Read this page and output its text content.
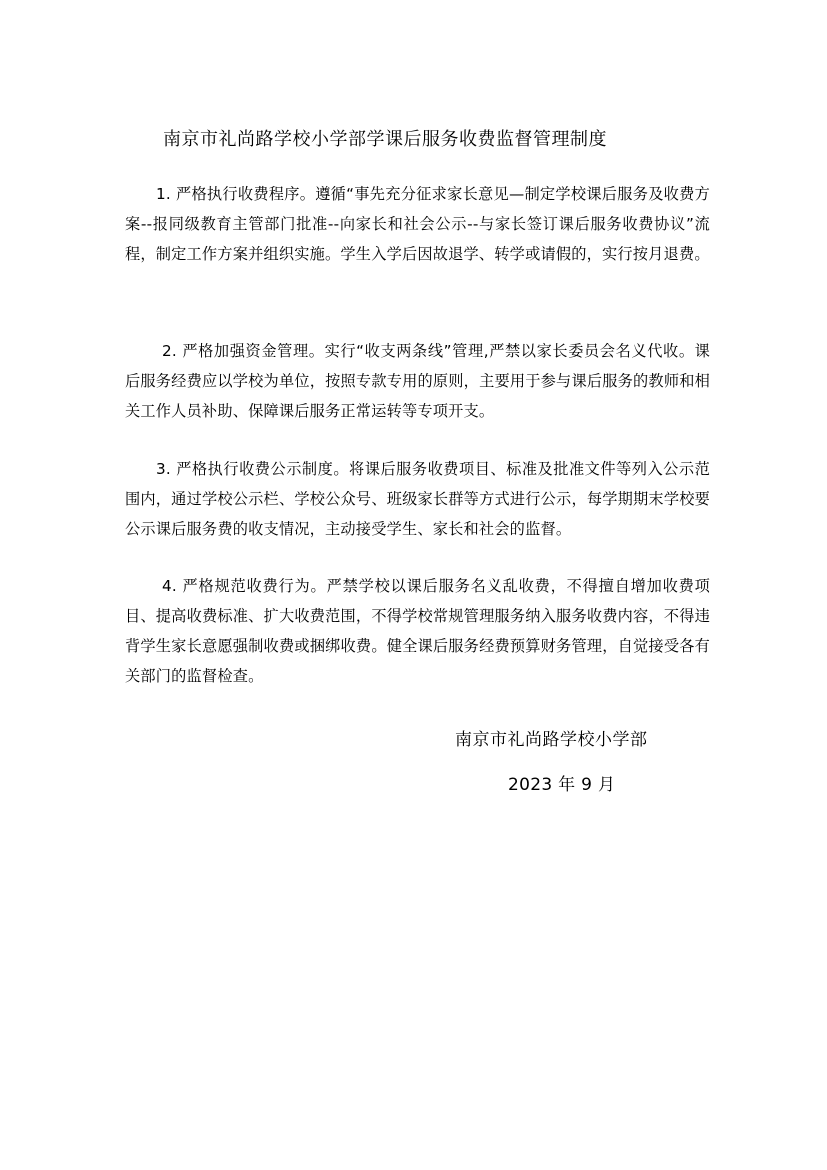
南京市礼尚路学校小学部学课后服务收费监督管理制度
1. 严格执行收费程序。遵循“事先充分征求家长意见—制定学校课后服务及收费方案--报同级教育主管部门批准--向家长和社会公示--与家长签订课后服务收费协议”流程，制定工作方案并组织实施。学生入学后因故退学、转学或请假的，实行按月退费。
2. 严格加强资金管理。实行“收支两条线”管理,严禁以家长委员会名义代收。课后服务经费应以学校为单位，按照专款专用的原则，主要用于参与课后服务的教师和相关工作人员补助、保障课后服务正常运转等专项开支。
3. 严格执行收费公示制度。将课后服务收费项目、标准及批准文件等列入公示范围内，通过学校公示栏、学校公众号、班级家长群等方式进行公示，每学期期末学校要公示课后服务费的收支情况，主动接受学生、家长和社会的监督。
4. 严格规范收费行为。严禁学校以课后服务名义乱收费，不得擅自增加收费项目、提高收费标准、扩大收费范围，不得学校常规管理服务纳入服务收费内容，不得违背学生家长意愿强制收费或捆绑收费。健全课后服务经费预算财务管理，自觉接受各有关部门的监督检查。
南京市礼尚路学校小学部
2023 年 9 月
